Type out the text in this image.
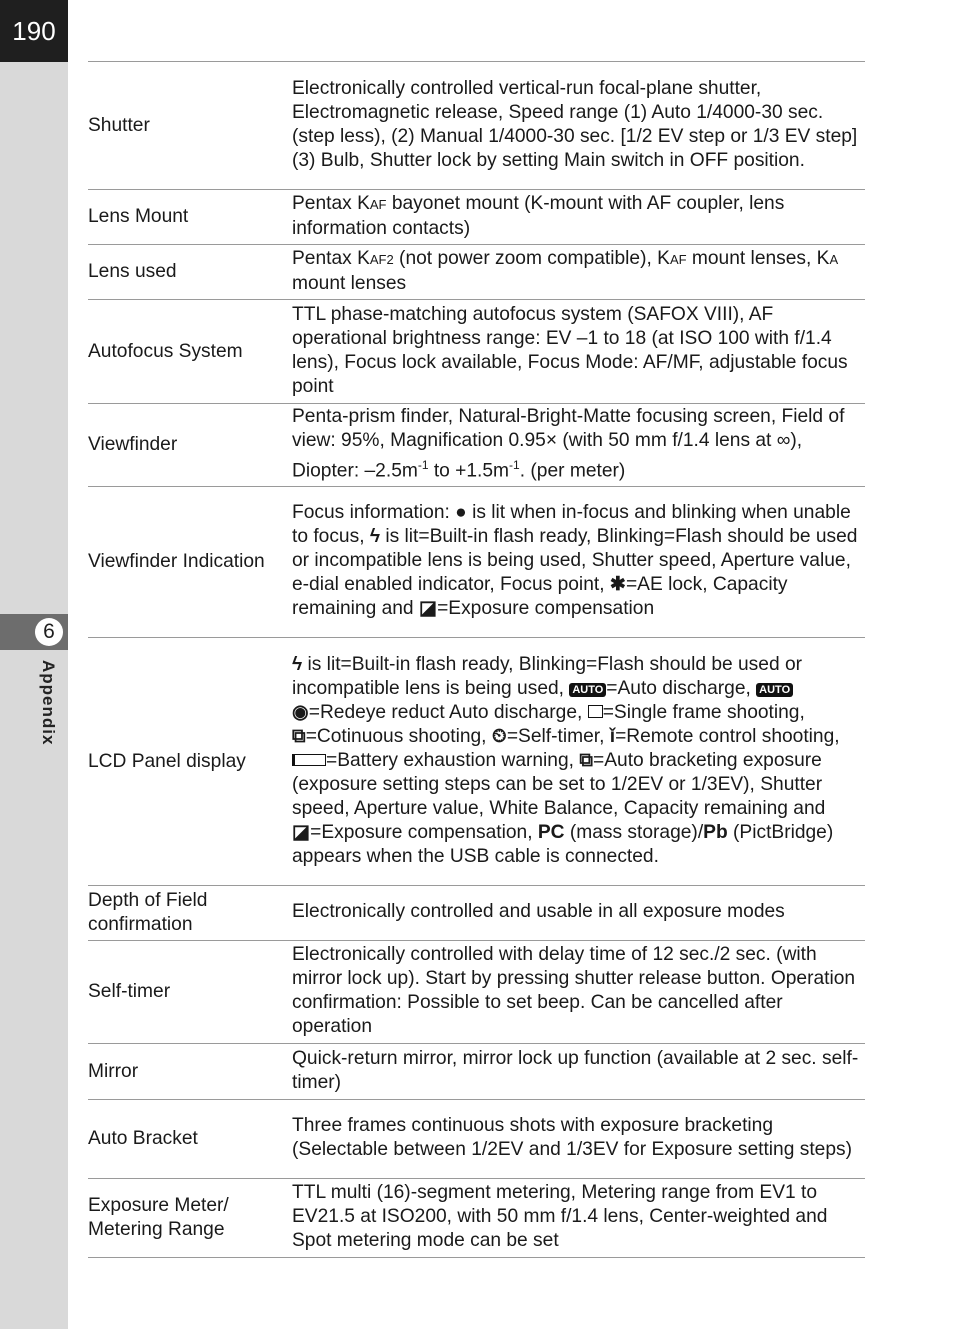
190
6
Appendix
Shutter	Electronically controlled vertical-run focal-plane shutter, Electromagnetic release, Speed range (1) Auto 1/4000-30 sec. (step less), (2) Manual 1/4000-30 sec. [1/2 EV step or 1/3 EV step] (3) Bulb, Shutter lock by setting Main switch in OFF position.
Lens Mount	Pentax KAF bayonet mount (K-mount with AF coupler, lens information contacts)
Lens used	Pentax KAF2 (not power zoom compatible), KAF mount lenses, KA mount lenses
Autofocus System	TTL phase-matching autofocus system (SAFOX VIII), AF operational brightness range: EV –1 to 18 (at ISO 100 with f/1.4 lens), Focus lock available, Focus Mode: AF/MF, adjustable focus point
Viewfinder	Penta-prism finder, Natural-Bright-Matte focusing screen, Field of view: 95%, Magnification 0.95× (with 50 mm f/1.4 lens at ∞), Diopter: $-2.5m^{-1}$ to $+1.5m^{-1}$. (per meter)
Viewfinder Indication	Focus information: ● is lit when in-focus and blinking when unable to focus, ϟ is lit=Built-in flash ready, Blinking=Flash should be used or incompatible lens is being used, Shutter speed, Aperture value, e-dial enabled indicator, Focus point, ✱=AE lock, Capacity remaining and ◪=Exposure compensation
LCD Panel display	ϟ is lit=Built-in flash ready, Blinking=Flash should be used or incompatible lens is being used, AUTO =Auto discharge, AUTO ◉=Redeye reduct Auto discharge, =Single frame shooting, ⧉=Cotinuous shooting, ⏲=Self-timer, ǐ=Remote control shooting, =Battery exhaustion warning, ⧉=Auto bracketing exposure (exposure setting steps can be set to 1/2EV or 1/3EV), Shutter speed, Aperture value, White Balance, Capacity remaining and ◪=Exposure compensation, PC (mass storage)/Pb (PictBridge) appears when the USB cable is connected.
Depth of Field
confirmation	Electronically controlled and usable in all exposure modes
Self-timer	Electronically controlled with delay time of 12 sec./2 sec. (with mirror lock up). Start by pressing shutter release button. Operation confirmation: Possible to set beep. Can be cancelled after operation
Mirror	Quick-return mirror, mirror lock up function (available at 2 sec. self-timer)
Auto Bracket	Three frames continuous shots with exposure bracketing (Selectable between 1/2EV and 1/3EV for Exposure setting steps)
Exposure Meter/
Metering Range	TTL multi (16)-segment metering, Metering range from EV1 to EV21.5 at ISO200, with 50 mm f/1.4 lens, Center-weighted and Spot metering mode can be set
